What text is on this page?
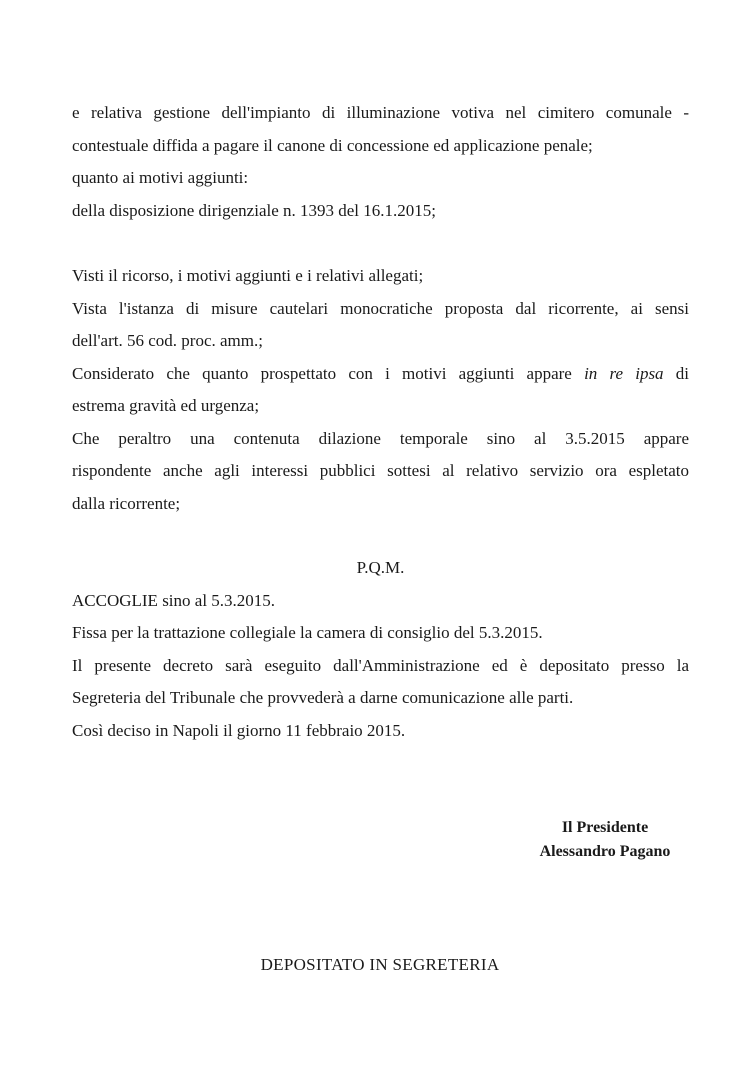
e relativa gestione dell'impianto di illuminazione votiva nel cimitero comunale -
contestuale diffida a pagare il canone di concessione ed applicazione penale;
quanto ai motivi aggiunti:
della disposizione dirigenziale n. 1393 del 16.1.2015;
Visti il ricorso, i motivi aggiunti e i relativi allegati;
Vista l'istanza di misure cautelari monocratiche proposta dal ricorrente, ai sensi
dell'art. 56 cod. proc. amm.;
Considerato che quanto prospettato con i motivi aggiunti appare in re ipsa di
estrema gravità ed urgenza;
Che peraltro una contenuta dilazione temporale sino al 3.5.2015 appare
rispondente anche agli interessi pubblici sottesi al relativo servizio ora espletato
dalla ricorrente;
P.Q.M.
ACCOGLIE sino al 5.3.2015.
Fissa per la trattazione collegiale la camera di consiglio del 5.3.2015.
Il presente decreto sarà eseguito dall'Amministrazione ed è depositato presso la
Segreteria del Tribunale che provvederà a darne comunicazione alle parti.
Così deciso in Napoli il giorno 11 febbraio 2015.
Il Presidente
Alessandro Pagano
DEPOSITATO IN SEGRETERIA
